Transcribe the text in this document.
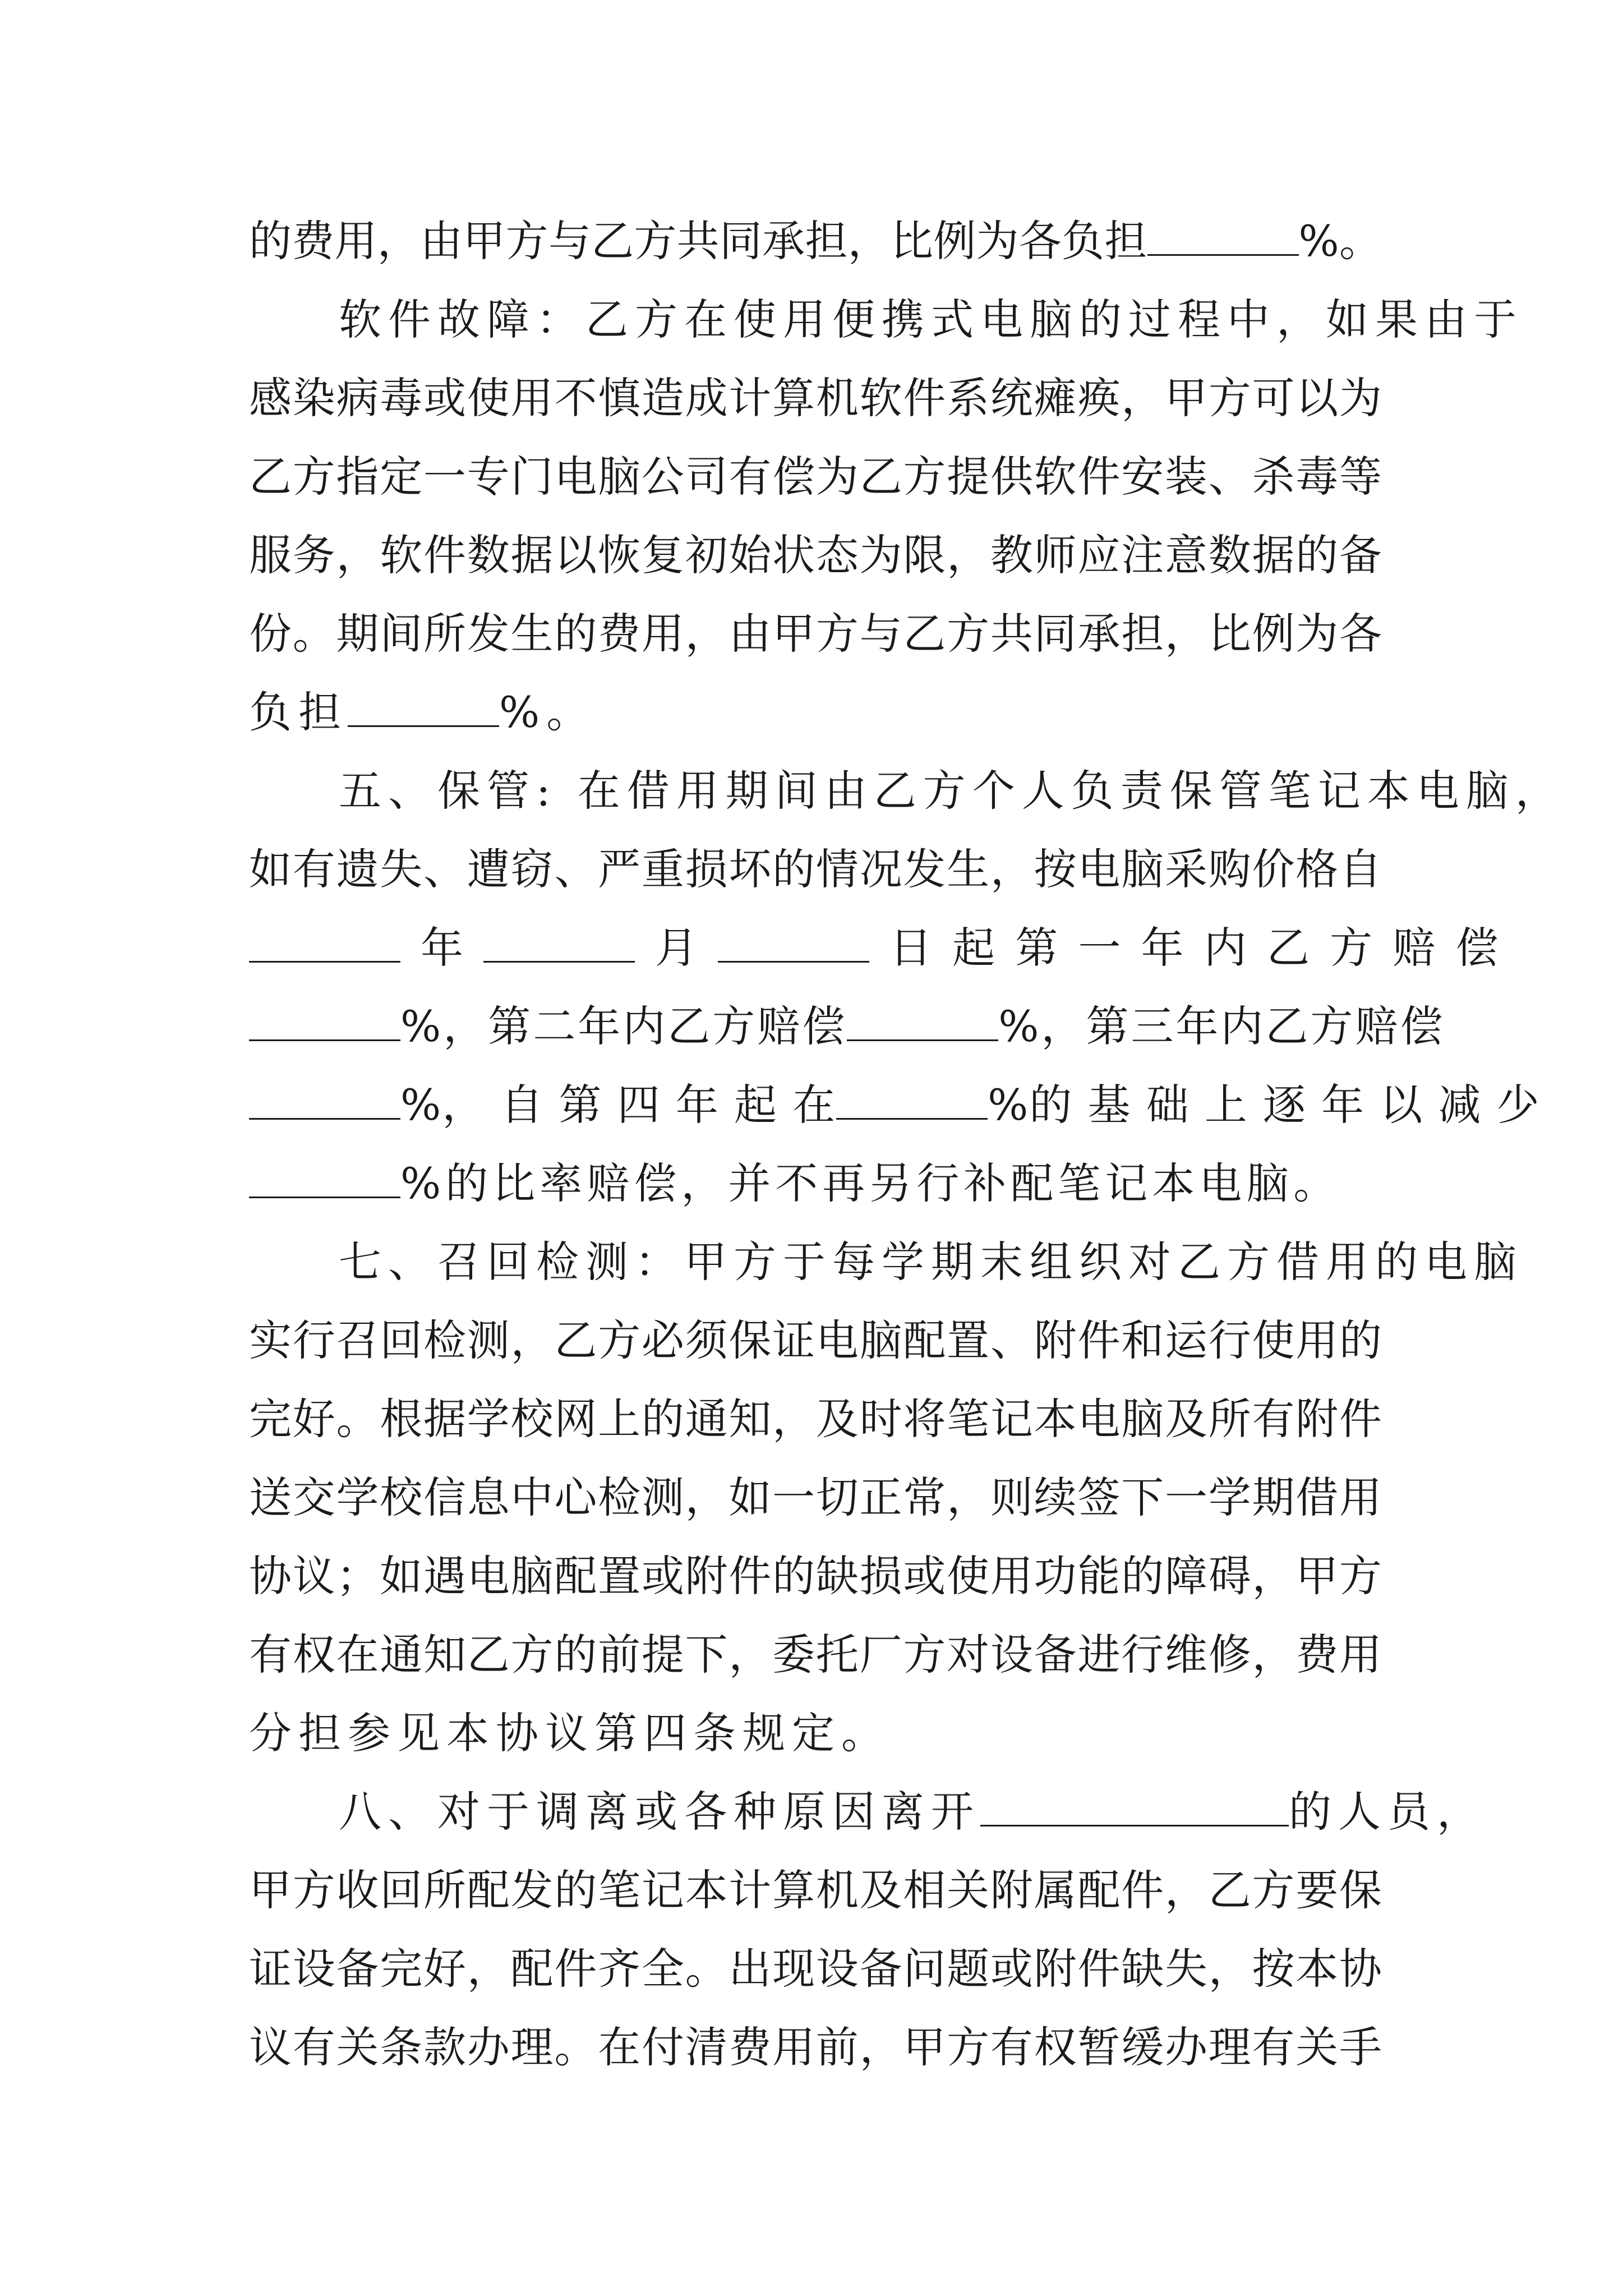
的费用，由甲方与乙方共同承担，比例为各负担	%。
软件故障：乙方在使用便携式电脑的过程中，如果由于
感染病毒或使用不慎造成计算机软件系统瘫痪，甲方可以为
乙方指定一专门电脑公司有偿为乙方提供软件安装、杀毒等
服务，软件数据以恢复初始状态为限，教师应注意数据的备
份。期间所发生的费用，由甲方与乙方共同承担，比例为各
负担	%。
五、保管: 在借用期间由乙方个人负责保管笔记本电脑，
如有遗失、遭窃、严重损坏的情况发生，按电脑采购价格自
年	月	日 起 第 一 年 内 乙 方 赔 偿
%，第二年内乙方赔偿	%，第三年内乙方赔偿
%， 自 第 四 年 起 在	%的 基 础 上 逐 年 以 减 少
%的比率赔偿，并不再另行补配笔记本电脑。
七、召回检测：甲方于每学期末组织对乙方借用的电脑
实行召回检测，乙方必须保证电脑配置、附件和运行使用的
完好。根据学校网上的通知，及时将笔记本电脑及所有附件
送交学校信息中心检测，如一切正常，则续签下一学期借用
协议；如遇电脑配置或附件的缺损或使用功能的障碍，甲方
有权在通知乙方的前提下，委托厂方对设备进行维修，费用
分担参见本协议第四条规定。
八、对于调离或各种原因离开	的人员，
甲方收回所配发的笔记本计算机及相关附属配件，乙方要保
证设备完好，配件齐全。出现设备问题或附件缺失，按本协
议有关条款办理。在付清费用前，甲方有权暂缓办理有关手
